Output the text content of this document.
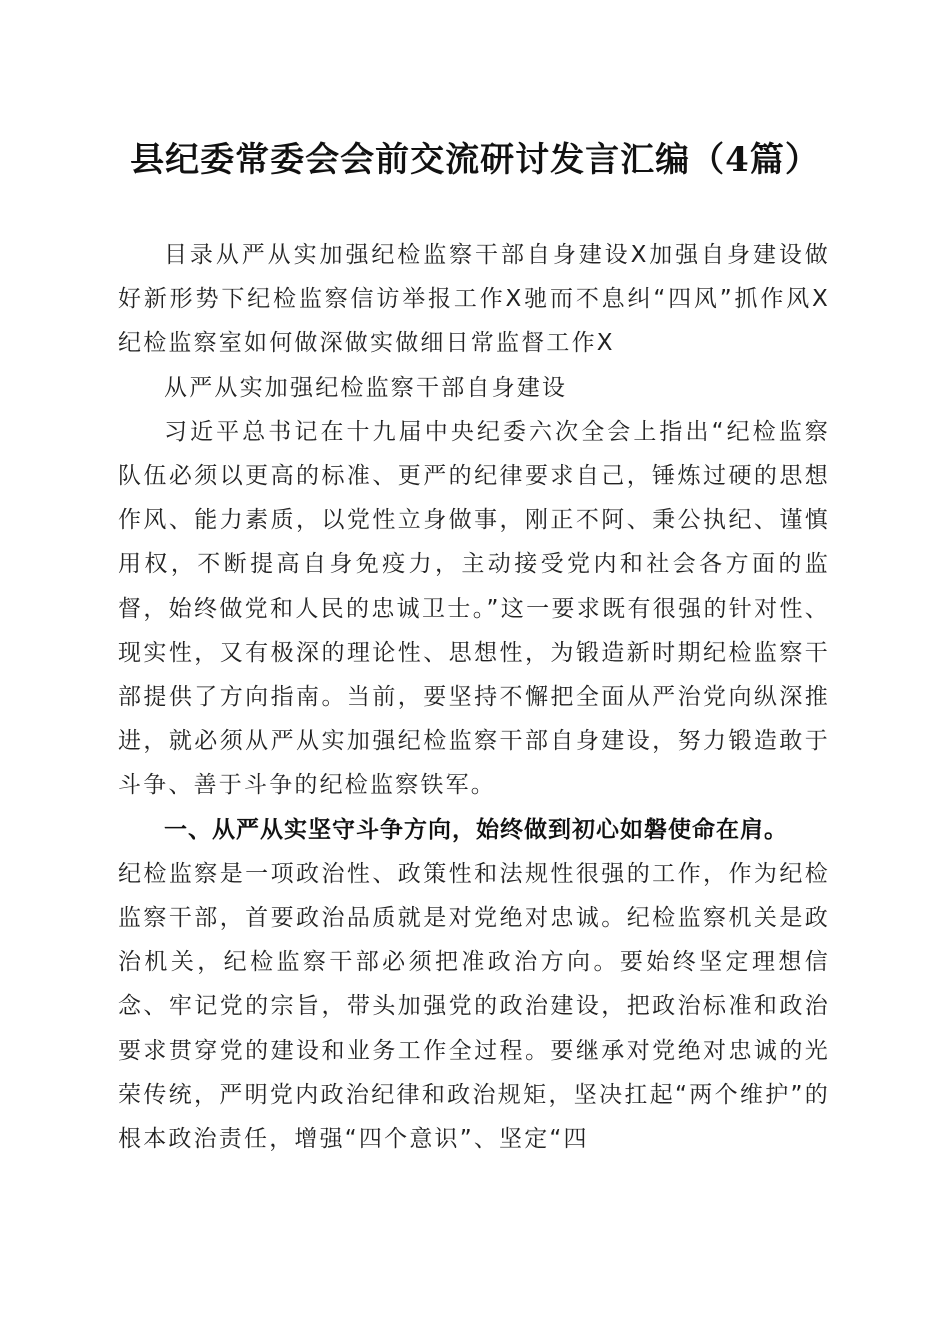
县纪委常委会会前交流研讨发言汇编（4篇）

目录从严从实加强纪检监察干部自身建设X加强自身建设做好新形势下纪检监察信访举报工作X驰而不息纠“四风”抓作风X纪检监察室如何做深做实做细日常监督工作X

从严从实加强纪检监察干部自身建设

习近平总书记在十九届中央纪委六次全会上指出“纪检监察队伍必须以更高的标准、更严的纪律要求自己，锤炼过硬的思想作风、能力素质，以党性立身做事，刚正不阿、秉公执纪、谨慎用权，不断提高自身免疫力，主动接受党内和社会各方面的监督，始终做党和人民的忠诚卫士。”这一要求既有很强的针对性、现实性，又有极深的理论性、思想性，为锻造新时期纪检监察干部提供了方向指南。当前，要坚持不懈把全面从严治党向纵深推进，就必须从严从实加强纪检监察干部自身建设，努力锻造敢于斗争、善于斗争的纪检监察铁军。

一、从严从实坚守斗争方向，始终做到初心如磐使命在肩。

纪检监察是一项政治性、政策性和法规性很强的工作，作为纪检监察干部，首要政治品质就是对党绝对忠诚。纪检监察机关是政治机关，纪检监察干部必须把准政治方向。要始终坚定理想信念、牢记党的宗旨，带头加强党的政治建设，把政治标准和政治要求贯穿党的建设和业务工作全过程。要继承对党绝对忠诚的光荣传统，严明党内政治纪律和政治规矩，坚决扛起“两个维护”的根本政治责任，增强“四个意识”、坚定“四
